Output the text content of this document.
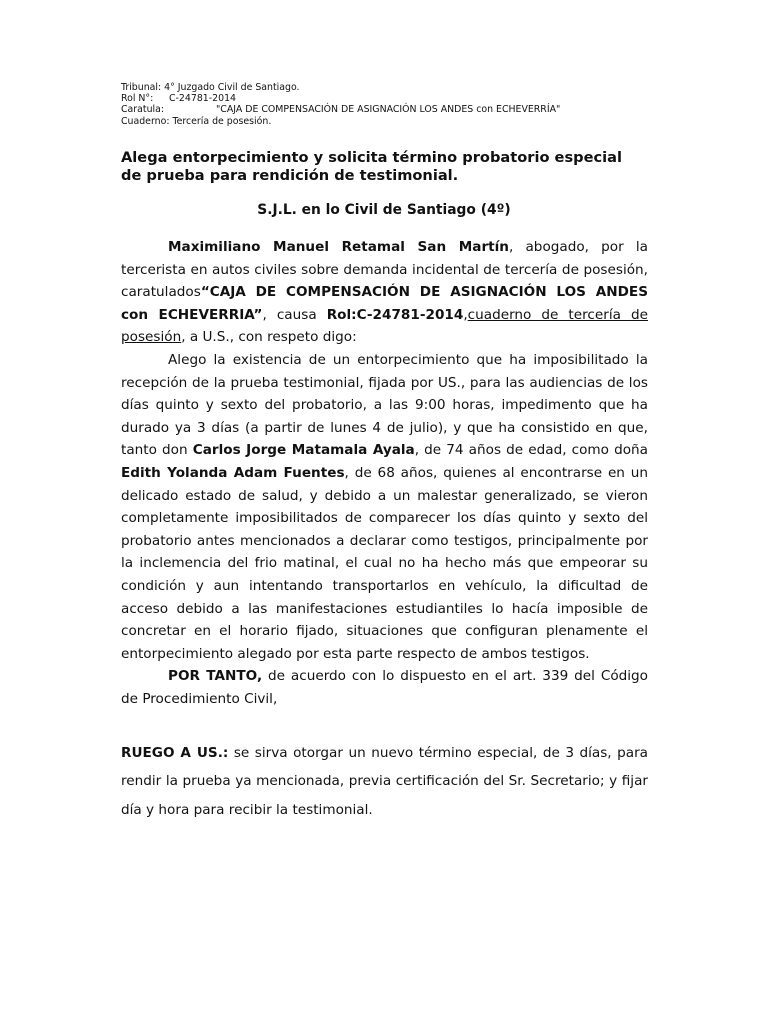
Tribunal: 4° Juzgado Civil de Santiago.
Rol N°: C-24781-2014
Caratula:	"CAJA DE COMPENSACIÓN DE ASIGNACIÓN LOS ANDES con ECHEVERRÍA"
Cuaderno: Tercería de posesión.
Alega entorpecimiento y solicita término probatorio especial de prueba para rendición de testimonial.
S.J.L. en lo Civil de Santiago (4º)

Maximiliano Manuel Retamal San Martín, abogado, por la tercerista en autos civiles sobre demanda incidental de tercería de posesión, caratulados“CAJA DE COMPENSACIÓN DE ASIGNACIÓN LOS ANDES con ECHEVERRIA”, causa Rol:C-24781-2014,cuaderno de tercería de posesión, a U.S., con respeto digo:

Alego la existencia de un entorpecimiento que ha imposibilitado la recepción de la prueba testimonial, fijada por US., para las audiencias de los días quinto y sexto del probatorio, a las 9:00 horas, impedimento que ha durado ya 3 días (a partir de lunes 4 de julio), y que ha consistido en que, tanto don Carlos Jorge Matamala Ayala, de 74 años de edad, como doña Edith Yolanda Adam Fuentes, de 68 años, quienes al encontrarse en un delicado estado de salud, y debido a un malestar generalizado, se vieron completamente imposibilitados de comparecer los días quinto y sexto del probatorio antes mencionados a declarar como testigos, principalmente por la inclemencia del frio matinal, el cual no ha hecho más que empeorar su condición y aun intentando transportarlos en vehículo, la dificultad de acceso debido a las manifestaciones estudiantiles lo hacía imposible de concretar en el horario fijado, situaciones que configuran plenamente el entorpecimiento alegado por esta parte respecto de ambos testigos.

POR TANTO, de acuerdo con lo dispuesto en el art. 339 del Código de Procedimiento Civil,

RUEGO A US.: se sirva otorgar un nuevo término especial, de 3 días, para rendir la prueba ya mencionada, previa certificación del Sr. Secretario; y fijar día y hora para recibir la testimonial.
